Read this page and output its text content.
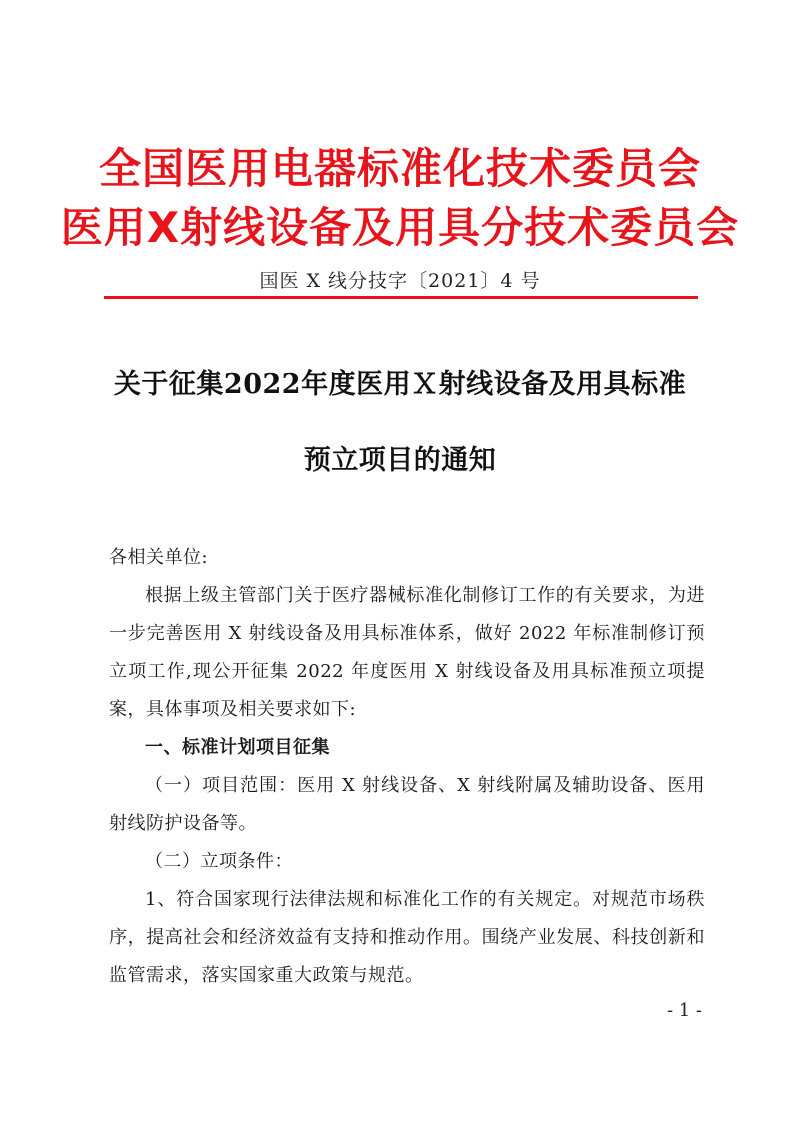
全国医用电器标准化技术委员会
医用X射线设备及用具分技术委员会
国医 X 线分技字〔2021〕4 号
关于征集2022年度医用Ｘ射线设备及用具标准
预立项目的通知

各相关单位:

根据上级主管部门关于医疗器械标准化制修订工作的有关要求，为进一步完善医用 X 射线设备及用具标准体系，做好 2022 年标准制修订预立项工作,现公开征集 2022 年度医用 X 射线设备及用具标准预立项提案，具体事项及相关要求如下:

一、标准计划项目征集

（一）项目范围：医用 X 射线设备、X 射线附属及辅助设备、医用射线防护设备等。

（二）立项条件：

1、符合国家现行法律法规和标准化工作的有关规定。对规范市场秩序，提高社会和经济效益有支持和推动作用。围绕产业发展、科技创新和监管需求，落实国家重大政策与规范。

- 1 -
